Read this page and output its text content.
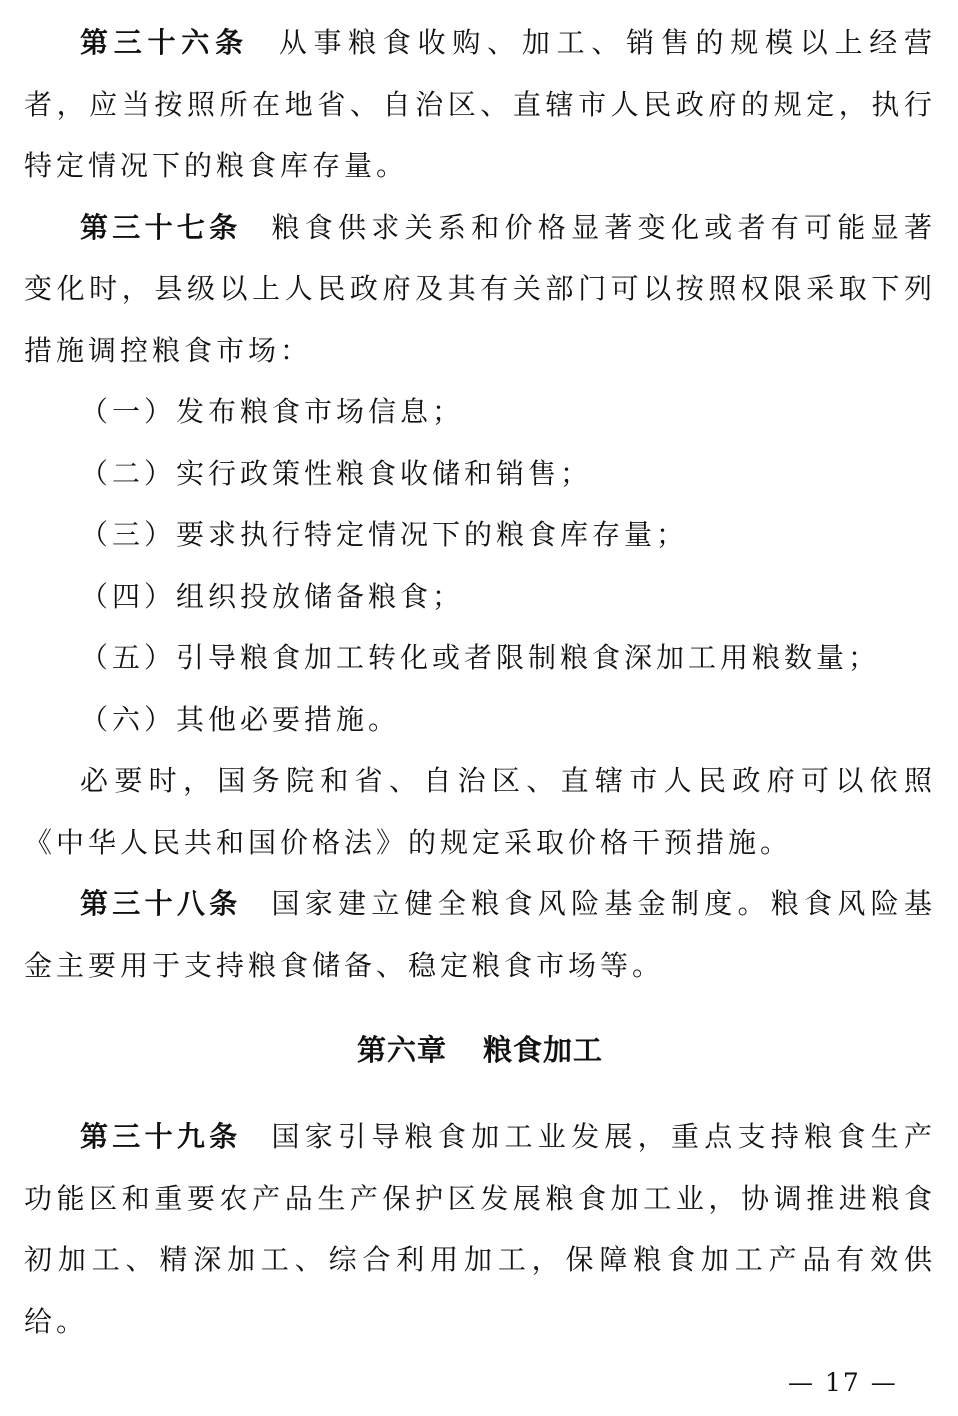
第三十六条 从事粮食收购、加工、销售的规模以上经营者，应当按照所在地省、自治区、直辖市人民政府的规定，执行特定情况下的粮食库存量。

第三十七条 粮食供求关系和价格显著变化或者有可能显著变化时，县级以上人民政府及其有关部门可以按照权限采取下列措施调控粮食市场：

（一）发布粮食市场信息；

（二）实行政策性粮食收储和销售；

（三）要求执行特定情况下的粮食库存量；

（四）组织投放储备粮食；

（五）引导粮食加工转化或者限制粮食深加工用粮数量；

（六）其他必要措施。

必要时，国务院和省、自治区、直辖市人民政府可以依照《中华人民共和国价格法》的规定采取价格干预措施。

第三十八条 国家建立健全粮食风险基金制度。粮食风险基金主要用于支持粮食储备、稳定粮食市场等。

第六章 粮食加工

第三十九条 国家引导粮食加工业发展，重点支持粮食生产功能区和重要农产品生产保护区发展粮食加工业，协调推进粮食初加工、精深加工、综合利用加工，保障粮食加工产品有效供给。

— 17 —
